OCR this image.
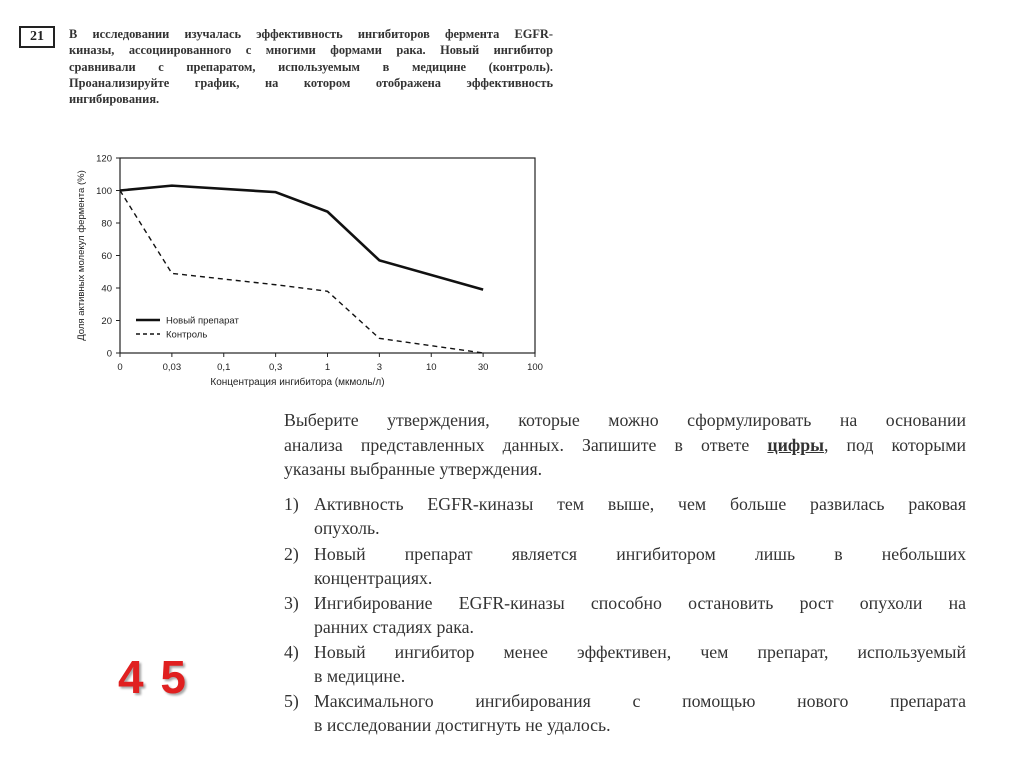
21	В исследовании изучалась эффективность ингибиторов фермента EGFR-
киназы, ассоциированного с многими формами рака. Новый ингибитор
сравнивали с препаратом, используемым в медицине (контроль).
Проанализируйте график, на котором отображена эффективность
ингибирования.
0
20
40
60
80
100
120
0	0,03	0,1	0,3	1	3	10	30	100
Концентрация ингибитора (мкмоль/л)
Доля активных молекул фермента (%)	Новый препарат
Контроль
Выберите утверждения, которые можно сформулировать на основании
анализа представленных данных. Запишите в ответе цифры, под которыми
указаны выбранные утверждения.
1) Активность EGFR-киназы тем выше, чем больше развилась раковая
опухоль.
2) Новый препарат является ингибитором лишь в небольших
концентрациях.
3) Ингибирование EGFR-киназы способно остановить рост опухоли на
ранних стадиях рака.
4) Новый ингибитор менее эффективен, чем препарат, используемый
в медицине.
5) Максимального ингибирования с помощью нового препарата
в исследовании достигнуть не удалось.
4 5
